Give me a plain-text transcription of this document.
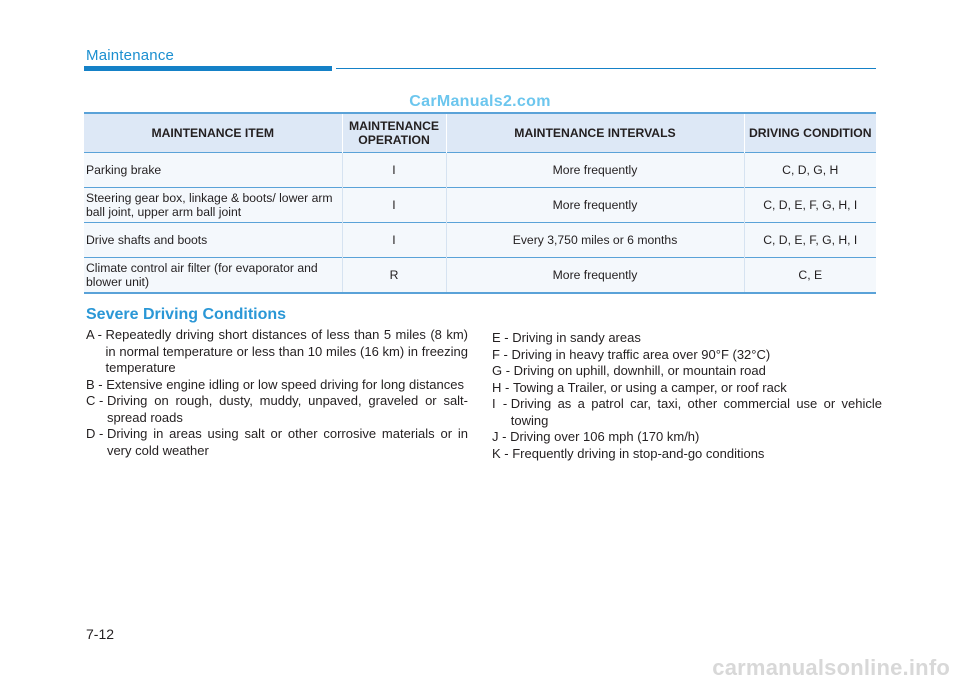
Maintenance
CarManuals2.com
MAINTENANCE ITEM	MAINTENANCE OPERATION	MAINTENANCE INTERVALS	DRIVING CONDITION
Parking brake	I	More frequently	C, D, G, H
Steering gear box, linkage & boots/ lower arm ball joint, upper arm ball joint	I	More frequently	C, D, E, F, G, H, I
Drive shafts and boots	I	Every 3,750 miles or 6 months	C, D, E, F, G, H, I
Climate control air filter (for evaporator and blower unit)	R	More frequently	C, E
Severe Driving Conditions
A - Repeatedly driving short distances of less than 5 miles (8 km) in normal temperature or less than 10 miles (16 km) in freezing temperature
B - Extensive engine idling or low speed driving for long distances
C - Driving on rough, dusty, muddy, unpaved, graveled or salt-spread roads
D - Driving in areas using salt or other corrosive materials or in very cold weather
E - Driving in sandy areas
F - Driving in heavy traffic area over 90°F (32°C)
G - Driving on uphill, downhill, or mountain road
H - Towing a Trailer, or using a camper, or roof rack
I  - Driving as a patrol car, taxi, other commercial use or vehicle towing
J - Driving over 106 mph (170 km/h)
K - Frequently driving in stop-and-go conditions
7-12
carmanualsonline.info
